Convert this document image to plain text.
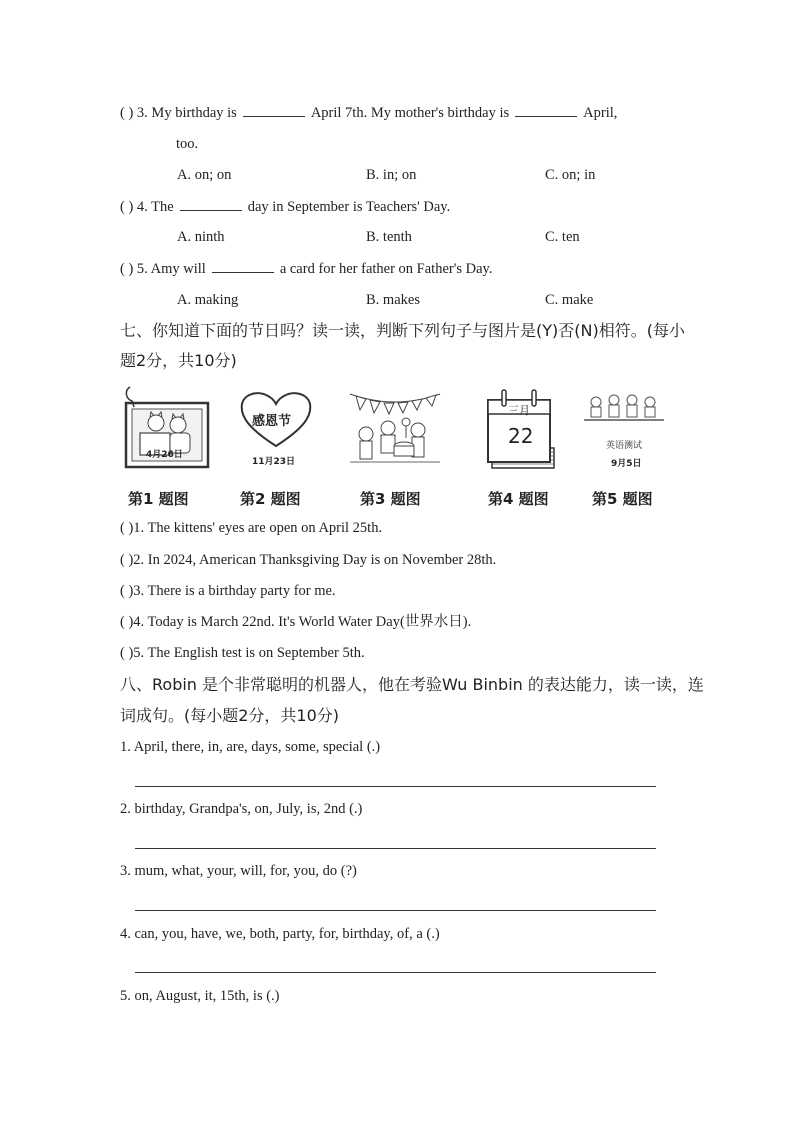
( ) 3. My birthday is	April 7th. My mother's birthday is	April,
too.
A. on; on	B. in; on	C. on; in
( ) 4. The	day in September is Teachers' Day.
A. ninth	B. tenth	C. ten
( ) 5. Amy will	a card for her father on Father's Day.
A. making	B. makes	C. make
七、你知道下面的节日吗？读一读，判断下列句子与图片是(Y)否(N)相符。(每小
题2分，共10分)
4月26日
感恩节
11月23日
三月
22	英语测试
9月5日
第1 题图	第2 题图	第3 题图	第4 题图	第5 题图
( )1. The kittens' eyes are open on April 25th.
( )2. In 2024, American Thanksgiving Day is on November 28th.
( )3. There is a birthday party for me.
( )4. Today is March 22nd. It's World Water Day(世界水日).
( )5. The English test is on September 5th.
八、Robin 是个非常聪明的机器人，他在考验Wu Binbin 的表达能力，读一读，连
词成句。(每小题2分，共10分)
1. April, there, in, are, days, some, special (.)
2. birthday, Grandpa's, on, July, is, 2nd (.)
3. mum, what, your, will, for, you, do (?)
4. can, you, have, we, both, party, for, birthday, of, a (.)
5. on, August, it, 15th, is (.)
